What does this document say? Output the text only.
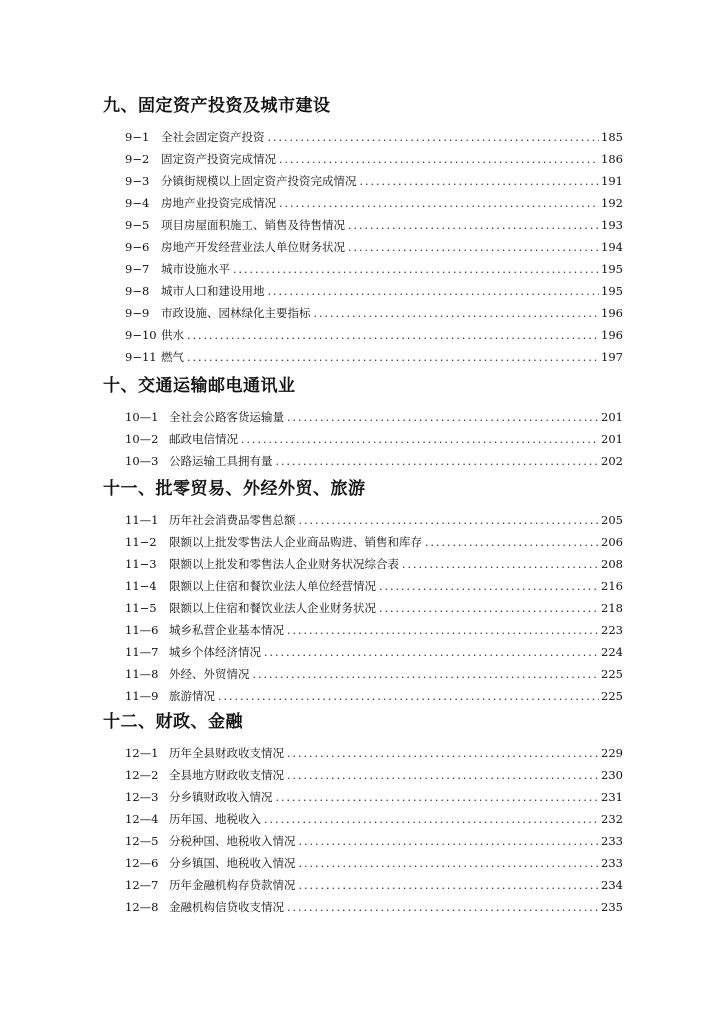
九、固定资产投资及城市建设
9−1	全社会固定资产投资 .....	185
9−2	固定资产投资完成情况 .....	186
9−3	分镇街规模以上固定资产投资完成情况 .....	191
9−4	房地产业投资完成情况 .....	192
9−5	项目房屋面积施工、销售及待售情况 .....	193
9−6	房地产开发经营业法人单位财务状况 .....	194
9−7	城市设施水平 .....	195
9−8	城市人口和建设用地 .....	195
9−9	市政设施、园林绿化主要指标 .....	196
9−10 供水 .....	196
9−11 燃气 .....	197
十、交通运输邮电通讯业
10—1 全社会公路客货运输量 .....	201
10—2 邮政电信情况 .....	201
10—3 公路运输工具拥有量 .....	202
十一、批零贸易、外经外贸、旅游
11—1 历年社会消费品零售总额 .....	205
11−2	限额以上批发零售法人企业商品购进、销售和库存 .....	206
11−3	限额以上批发和零售法人企业财务状况综合表 .....	208
11−4	限额以上住宿和餐饮业法人单位经营情况 .....	216
11−5	限额以上住宿和餐饮业法人企业财务状况 .....	218
11—6 城乡私营企业基本情况 .....	223
11—7 城乡个体经济情况 .....	224
11—8 外经、外贸情况 .....	225
11—9 旅游情况 .....	225
十二、财政、金融
12—1 历年全县财政收支情况 .....	229
12—2 全县地方财政收支情况 .....	230
12—3 分乡镇财政收入情况 .....	231
12—4 历年国、地税收入 .....	232
12—5 分税种国、地税收入情况 .....	233
12—6 分乡镇国、地税收入情况 .....	233
12—7 历年金融机构存贷款情况 .....	234
12—8 金融机构信贷收支情况 .....	235
